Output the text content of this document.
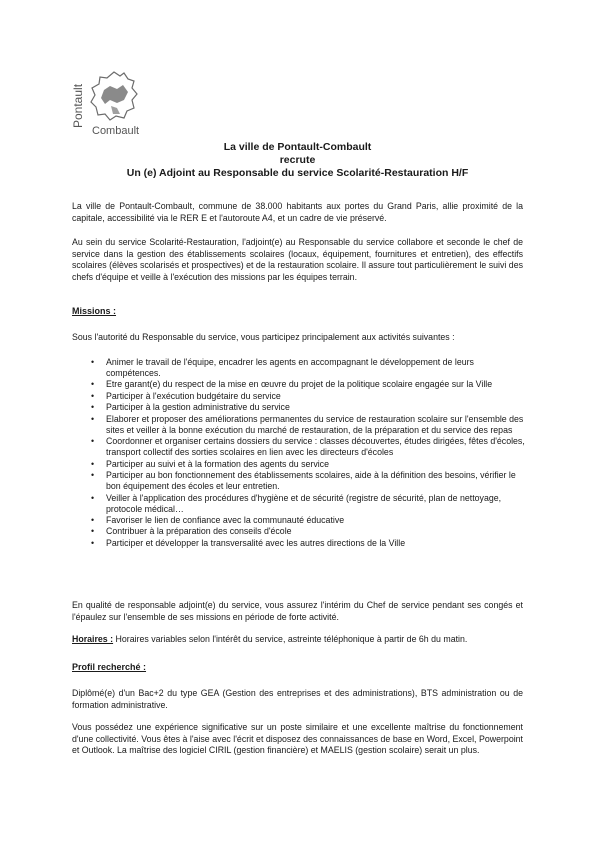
Pontault
Combault
La ville de Pontault-Combault
recrute
Un (e) Adjoint au Responsable du service Scolarité-Restauration H/F
La ville de Pontault-Combault, commune de 38.000 habitants aux portes du Grand Paris, allie proximité de la capitale, accessibilité via le RER E et l'autoroute A4, et un cadre de vie préservé.
Au sein du service Scolarité-Restauration, l'adjoint(e) au Responsable du service collabore et seconde le chef de service dans la gestion des établissements scolaires (locaux, équipement, fournitures et entretien), des effectifs scolaires (élèves scolarisés et prospectives) et de la restauration scolaire. Il assure tout particulièrement le suivi des chefs d'équipe et veille à l'exécution des missions par les équipes terrain.
Missions :
Sous l'autorité du Responsable du service, vous participez principalement aux activités suivantes :
• Animer le travail de l'équipe, encadrer les agents en accompagnant le développement de leurs compétences.
• Etre garant(e) du respect de la mise en œuvre du projet de la politique scolaire engagée sur la Ville
• Participer à l'exécution budgétaire du service
• Participer à la gestion administrative du service
• Elaborer et proposer des améliorations permanentes du service de restauration scolaire sur l'ensemble des sites et veiller à la bonne exécution du marché de restauration, de la préparation et du service des repas
• Coordonner et organiser certains dossiers du service : classes découvertes, études dirigées, fêtes d'écoles, transport collectif des sorties scolaires en lien avec les directeurs d'écoles
• Participer au suivi et à la formation des agents du service
• Participer au bon fonctionnement des établissements scolaires, aide à la définition des besoins, vérifier le bon équipement des écoles et leur entretien.
• Veiller à l'application des procédures d'hygiène et de sécurité (registre de sécurité, plan de nettoyage, protocole médical…
• Favoriser le lien de confiance avec la communauté éducative
• Contribuer à la préparation des conseils d'école
• Participer et développer la transversalité avec les autres directions de la Ville
En qualité de responsable adjoint(e) du service, vous assurez l'intérim du Chef de service pendant ses congés et l'épaulez sur l'ensemble de ses missions en période de forte activité.
Horaires : Horaires variables selon l'intérêt du service, astreinte téléphonique à partir de 6h du matin.
Profil recherché :
Diplômé(e) d'un Bac+2 du type GEA (Gestion des entreprises et des administrations), BTS administration ou de formation administrative.
Vous possédez une expérience significative sur un poste similaire et une excellente maîtrise du fonctionnement d'une collectivité. Vous êtes à l'aise avec l'écrit et disposez des connaissances de base en Word, Excel, Powerpoint et Outlook. La maîtrise des logiciel CIRIL (gestion financière) et MAELIS (gestion scolaire) serait un plus.
